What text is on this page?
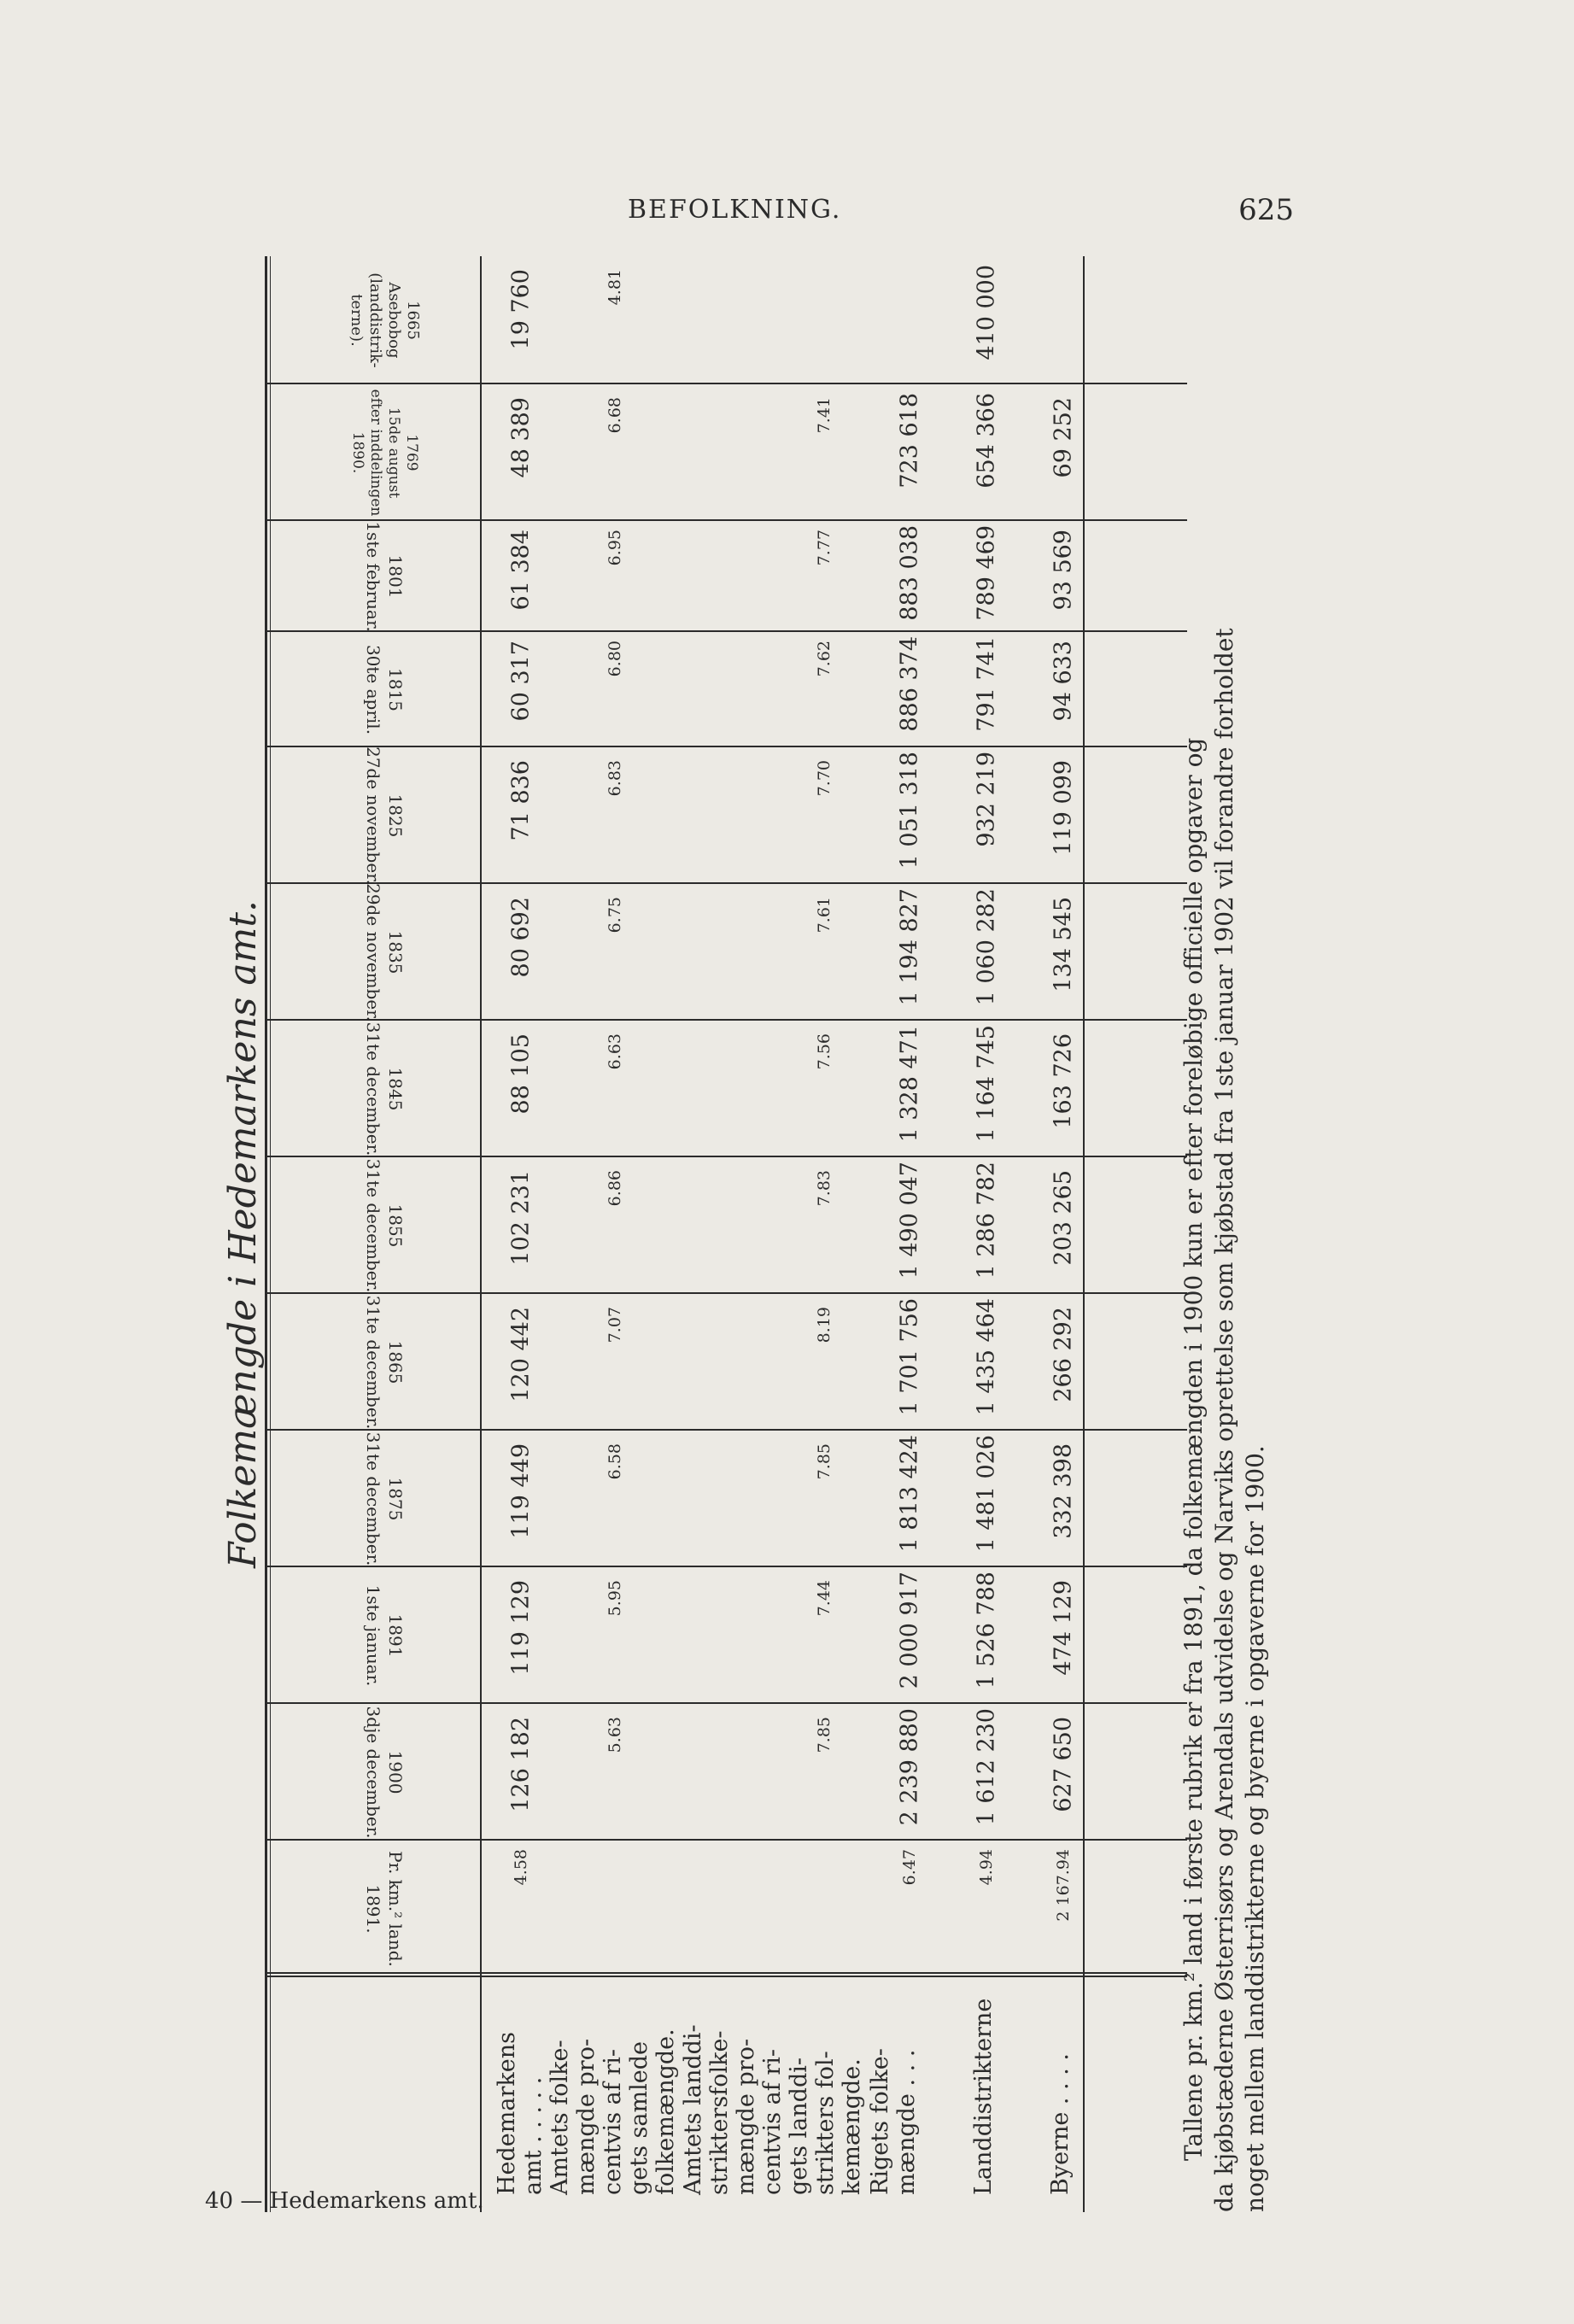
BEFOLKNING.	625
Folkemængde i Hedemarkens amt.
Pr. km.² land.
1891.
1900
3dje december.
1891
1ste januar.
1875
31te december.
1865
31te december.
1855
31te december.
1845
31te december.
1835
29de november.
1825
27de november.
1815
30te april.
1801
1ste februar.
1769
15de august
efter inddelingen
1890.
1665
Asebobog
(landdistrik-
terne).
Hedemarkens amt . . . . . Amtets folke- mængde pro- centvis af ri- gets samlede folkemængde. Amtets landdi- striktersfolke- mængde pro- centvis af ri- gets landdi- strikters fol- kemængde. Rigets folke- mængde . . . Landdistrikterne Byerne . . . .
4.58
126 182
119 129
119 449
120 442
102 231
88 105
80 692
71 836
60 317
61 384
48 389
19 760
5.63
5.95
6.58
7.07
6.86
6.63
6.75
6.83
6.80
6.95
6.68
7.85
7.44
7.85
8.19
7.83
7.56
7.61
7.70
7.62
7.77
7.41
4.81
6.47
2 239 880
2 000 917
1 813 424
1 701 756
1 490 047
1 328 471
1 194 827
1 051 318
886 374
883 038
723 618
4.94
1 612 230
1 526 788
1 481 026
1 435 464
1 286 782
1 164 745
1 060 282
932 219
791 741
789 469
654 366
410 000
2 167.94
627 650
474 129
332 398
266 292
203 265
163 726
134 545
119 099
94 633
93 569
69 252

Tallene pr. km.² land i første rubrik er fra 1891, da folkemængden i 1900 kun er efter foreløbige officielle opgaver og da kjøbstæderne Østerrisørs og Arendals udvidelse og Narviks oprettelse som kjøbstad fra 1ste januar 1902 vil forandre forholdet noget mellem landdistrikterne og byerne i opgaverne for 1900.

40 — Hedemarkens amt.
